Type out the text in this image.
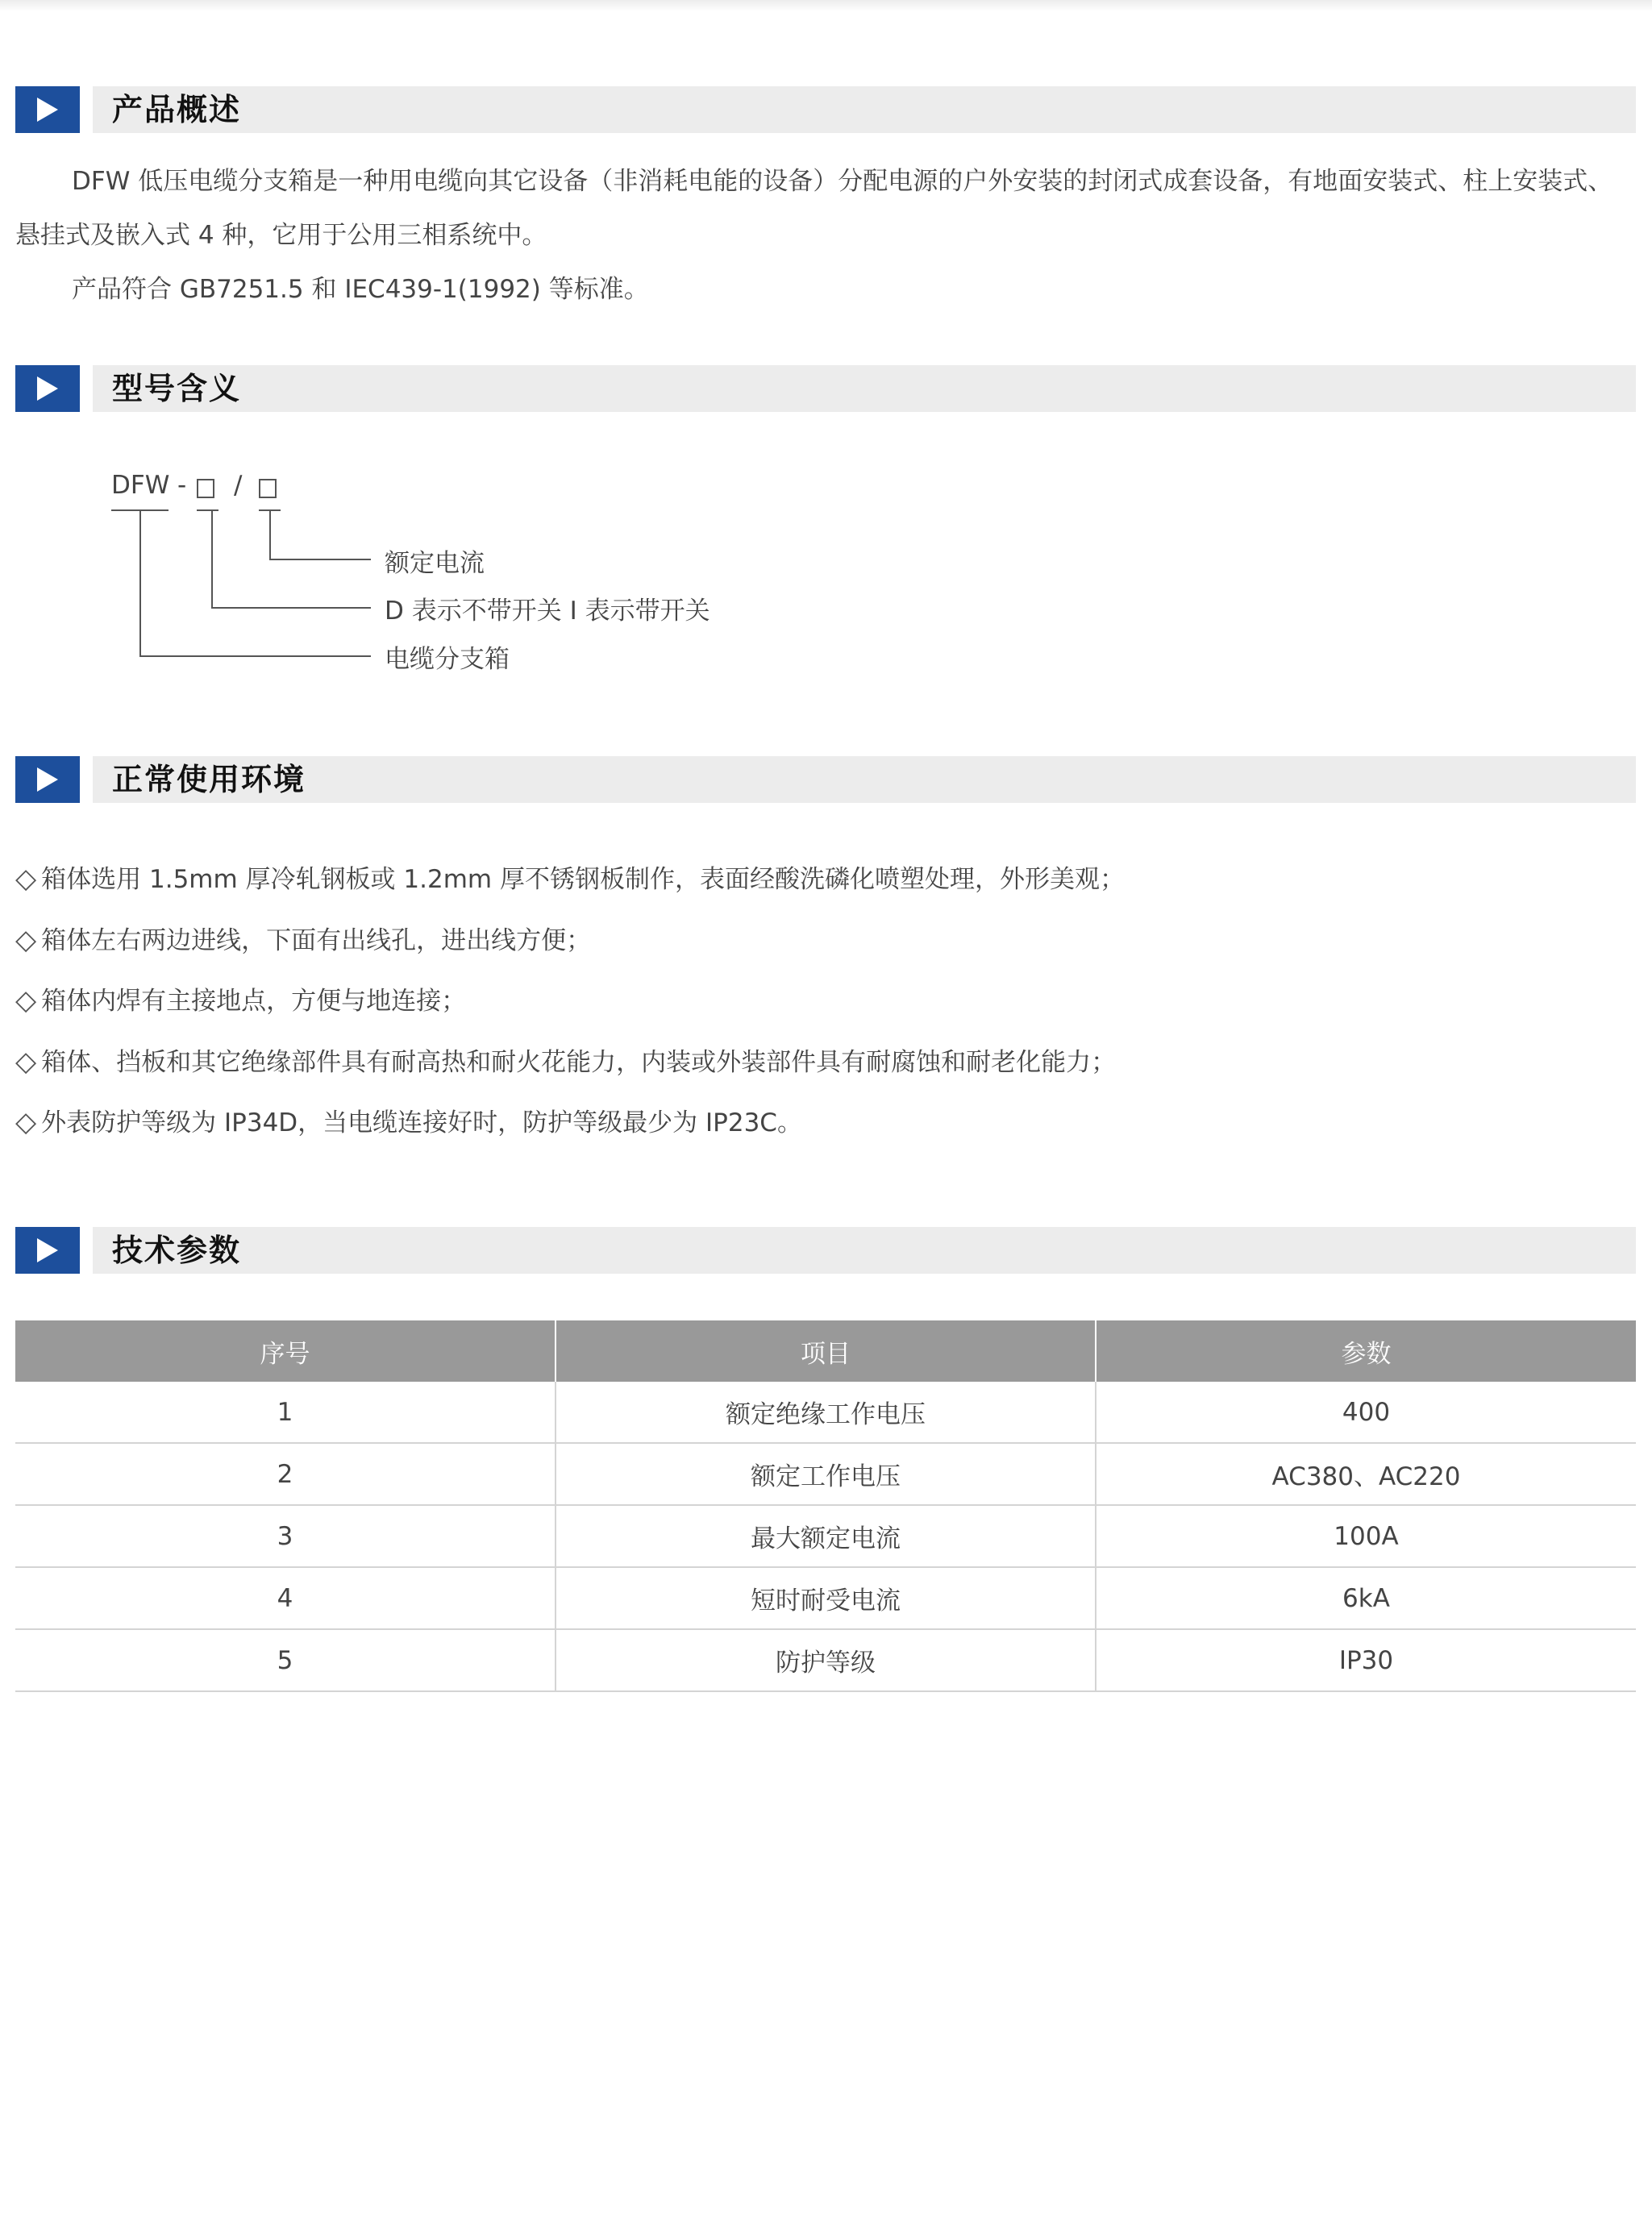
产品概述

DFW 低压电缆分支箱是一种用电缆向其它设备（非消耗电能的设备）分配电源的户外安装的封闭式成套设备，有地面安装式、柱上安装式、悬挂式及嵌入式 4 种，它用于公用三相系统中。

产品符合 GB7251.5 和 IEC439-1(1992) 等标准。

型号含义
DFW - /
额定电流
D 表示不带开关 I 表示带开关
电缆分支箱
正常使用环境
◇ 箱体选用 1.5mm 厚冷轧钢板或 1.2mm 厚不锈钢板制作，表面经酸洗磷化喷塑处理，外形美观；
◇ 箱体左右两边进线，下面有出线孔，进出线方便；
◇ 箱体内焊有主接地点，方便与地连接；
◇ 箱体、挡板和其它绝缘部件具有耐高热和耐火花能力，内装或外装部件具有耐腐蚀和耐老化能力；
◇ 外表防护等级为 IP34D，当电缆连接好时，防护等级最少为 IP23C。
技术参数
序号	项目	参数
1	额定绝缘工作电压	400
2	额定工作电压	AC380、AC220
3	最大额定电流	100A
4	短时耐受电流	6kA
5	防护等级	IP30
